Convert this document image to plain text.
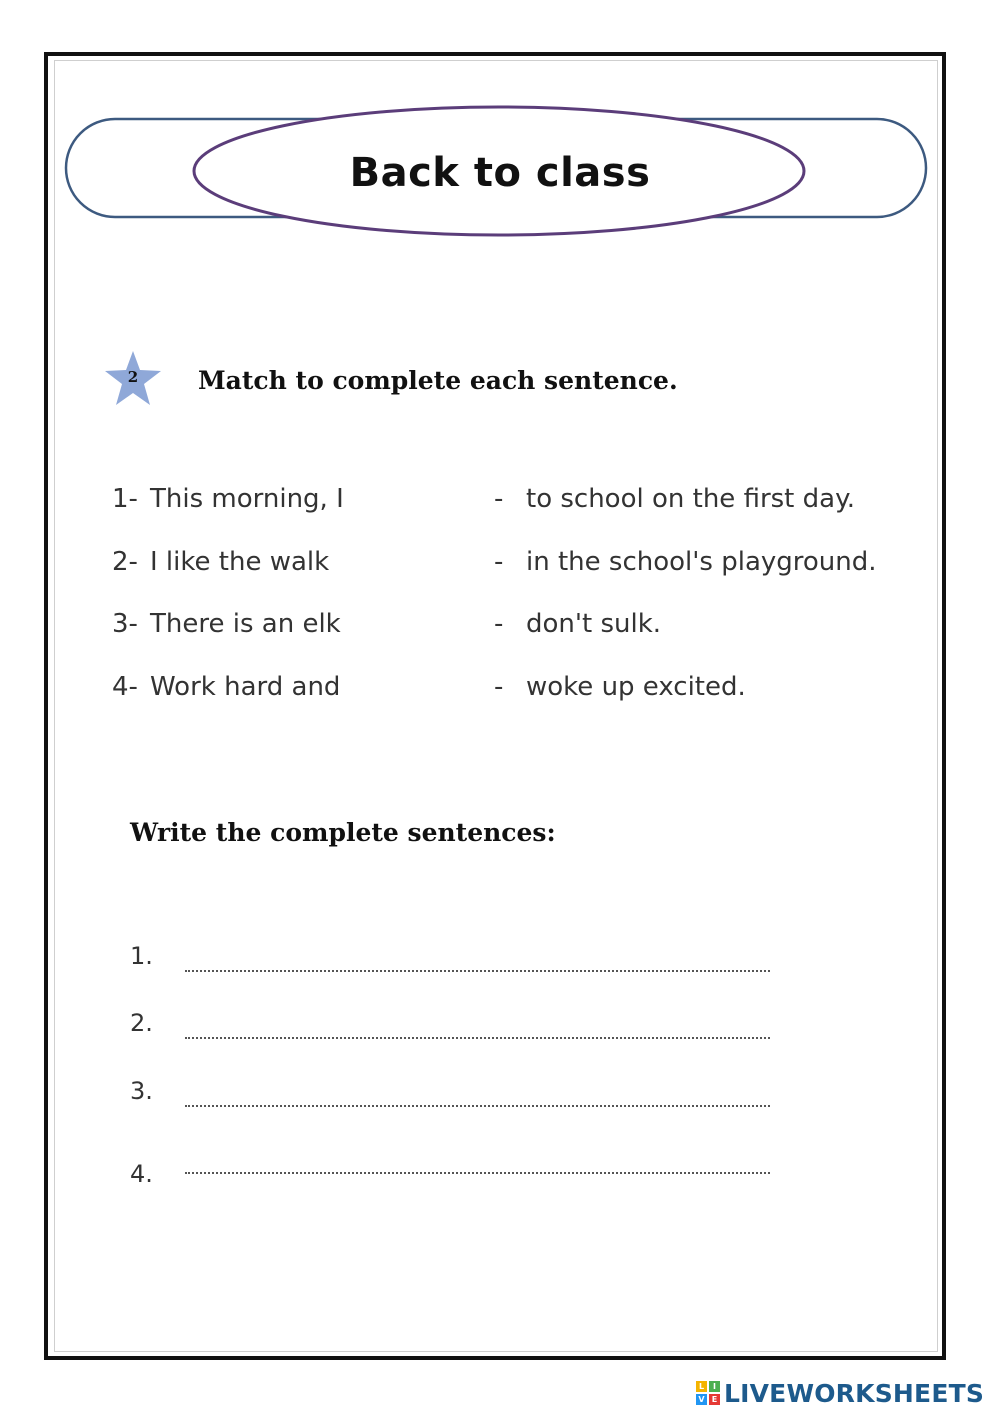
Back to class
2	Match to complete each sentence.
1- This morning, I
2- I like the walk
3- There is an elk
4- Work hard and
- to school on the first day.
- in the school's playground.
- don't sulk.
- woke up excited.
Write the complete sentences:
1.
2.
3.
4.
L	I
V E LIVEWORKSHEETS
